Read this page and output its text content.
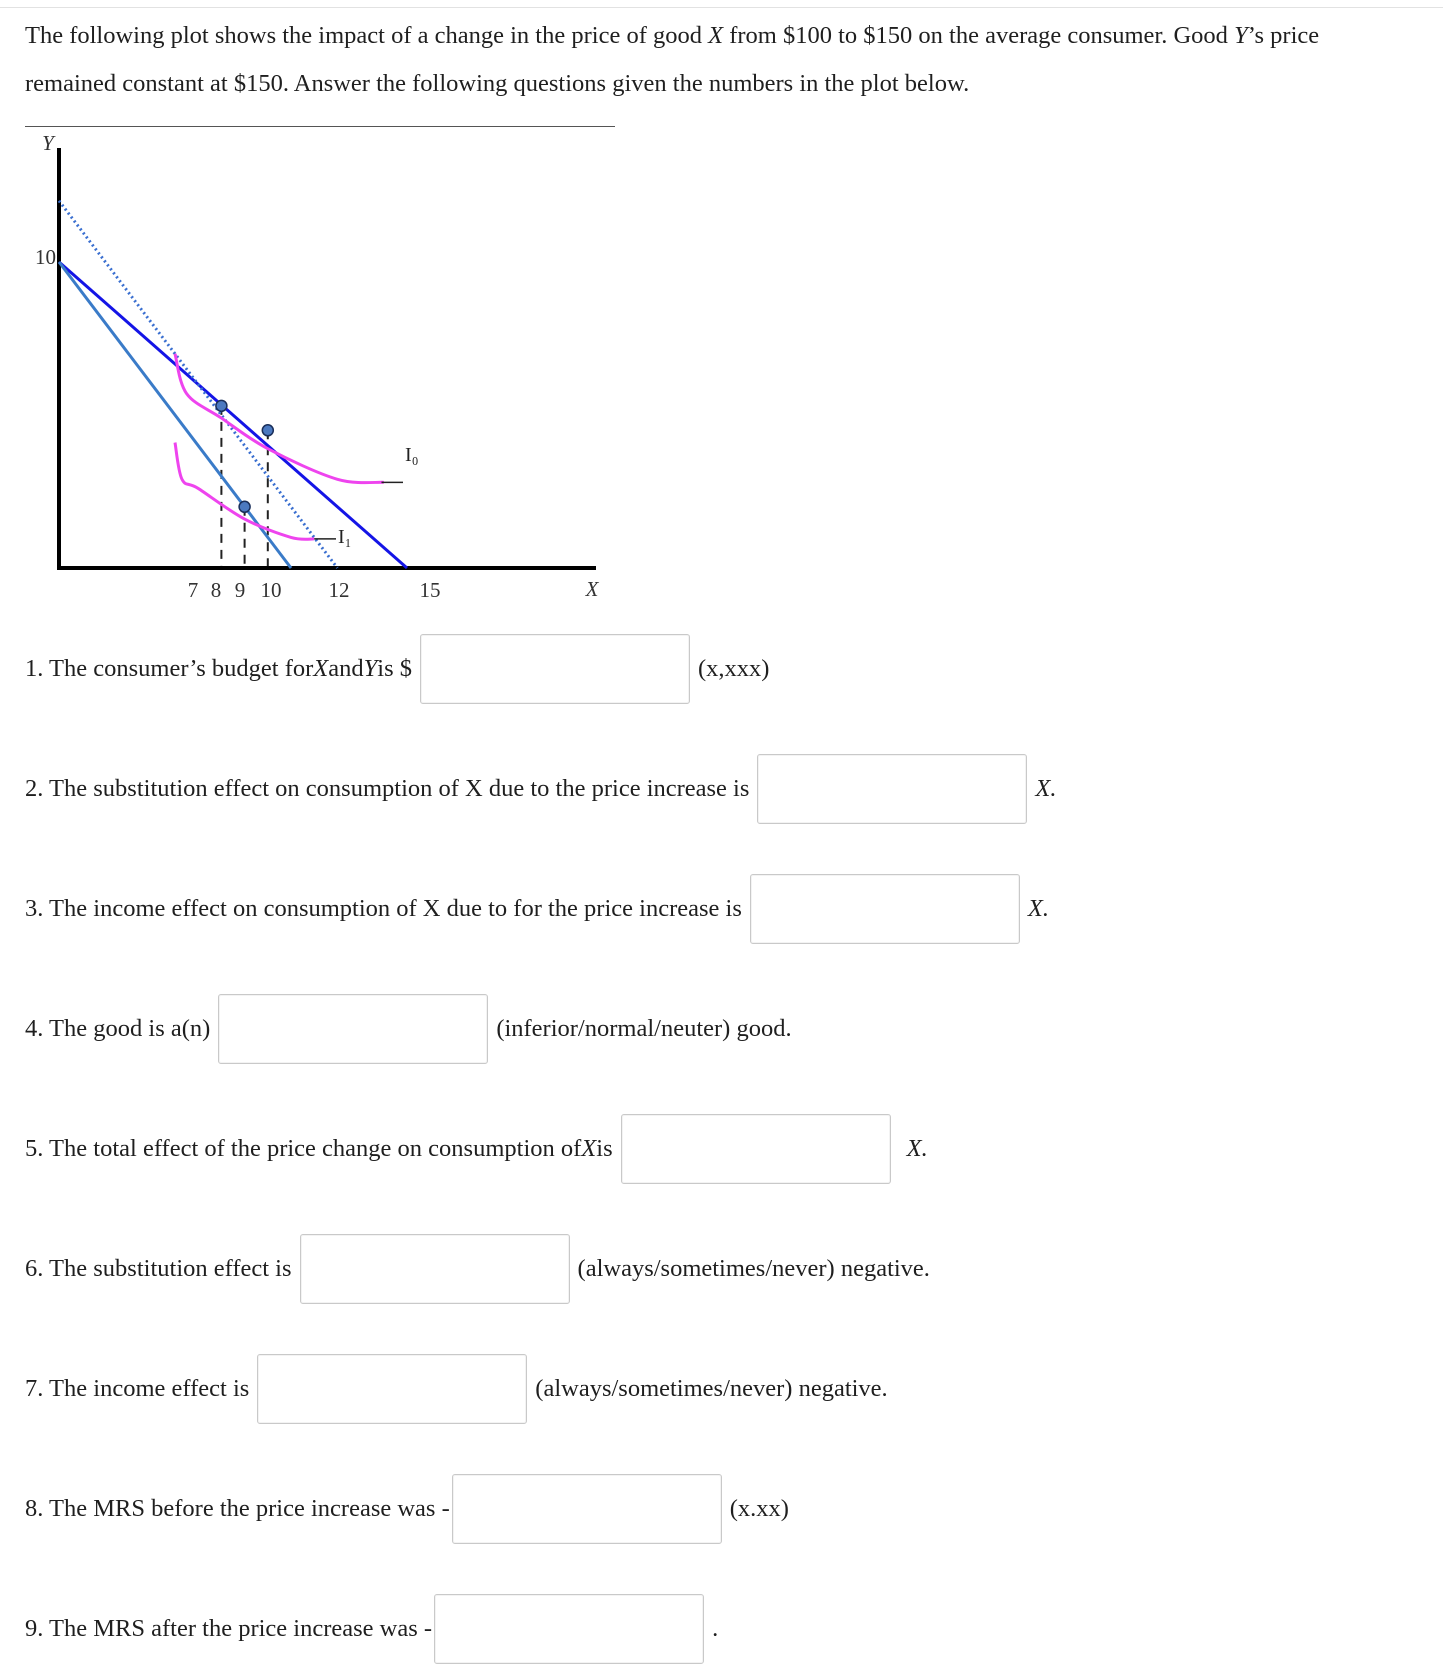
The following plot shows the impact of a change in the price of good X from $100 to $150 on the average consumer. Good Y’s price remained constant at $150. Answer the following questions given the numbers in the plot below.

Y
X
10
7 8 9 10 12	15
I₀
I₁
1. The consumer’s budget for X and Y is $	(x,xxx)
2. The substitution effect on consumption of X due to the price increase is	X.
3. The income effect on consumption of X due to for the price increase is	X.
4. The good is a(n)	(inferior/normal/neuter) good.
5. The total effect of the price change on consumption of X is	X.
6. The substitution effect is	(always/sometimes/never) negative.
7. The income effect is	(always/sometimes/never) negative.
8. The MRS before the price increase was -	(x.xx)
9. The MRS after the price increase was -	.
